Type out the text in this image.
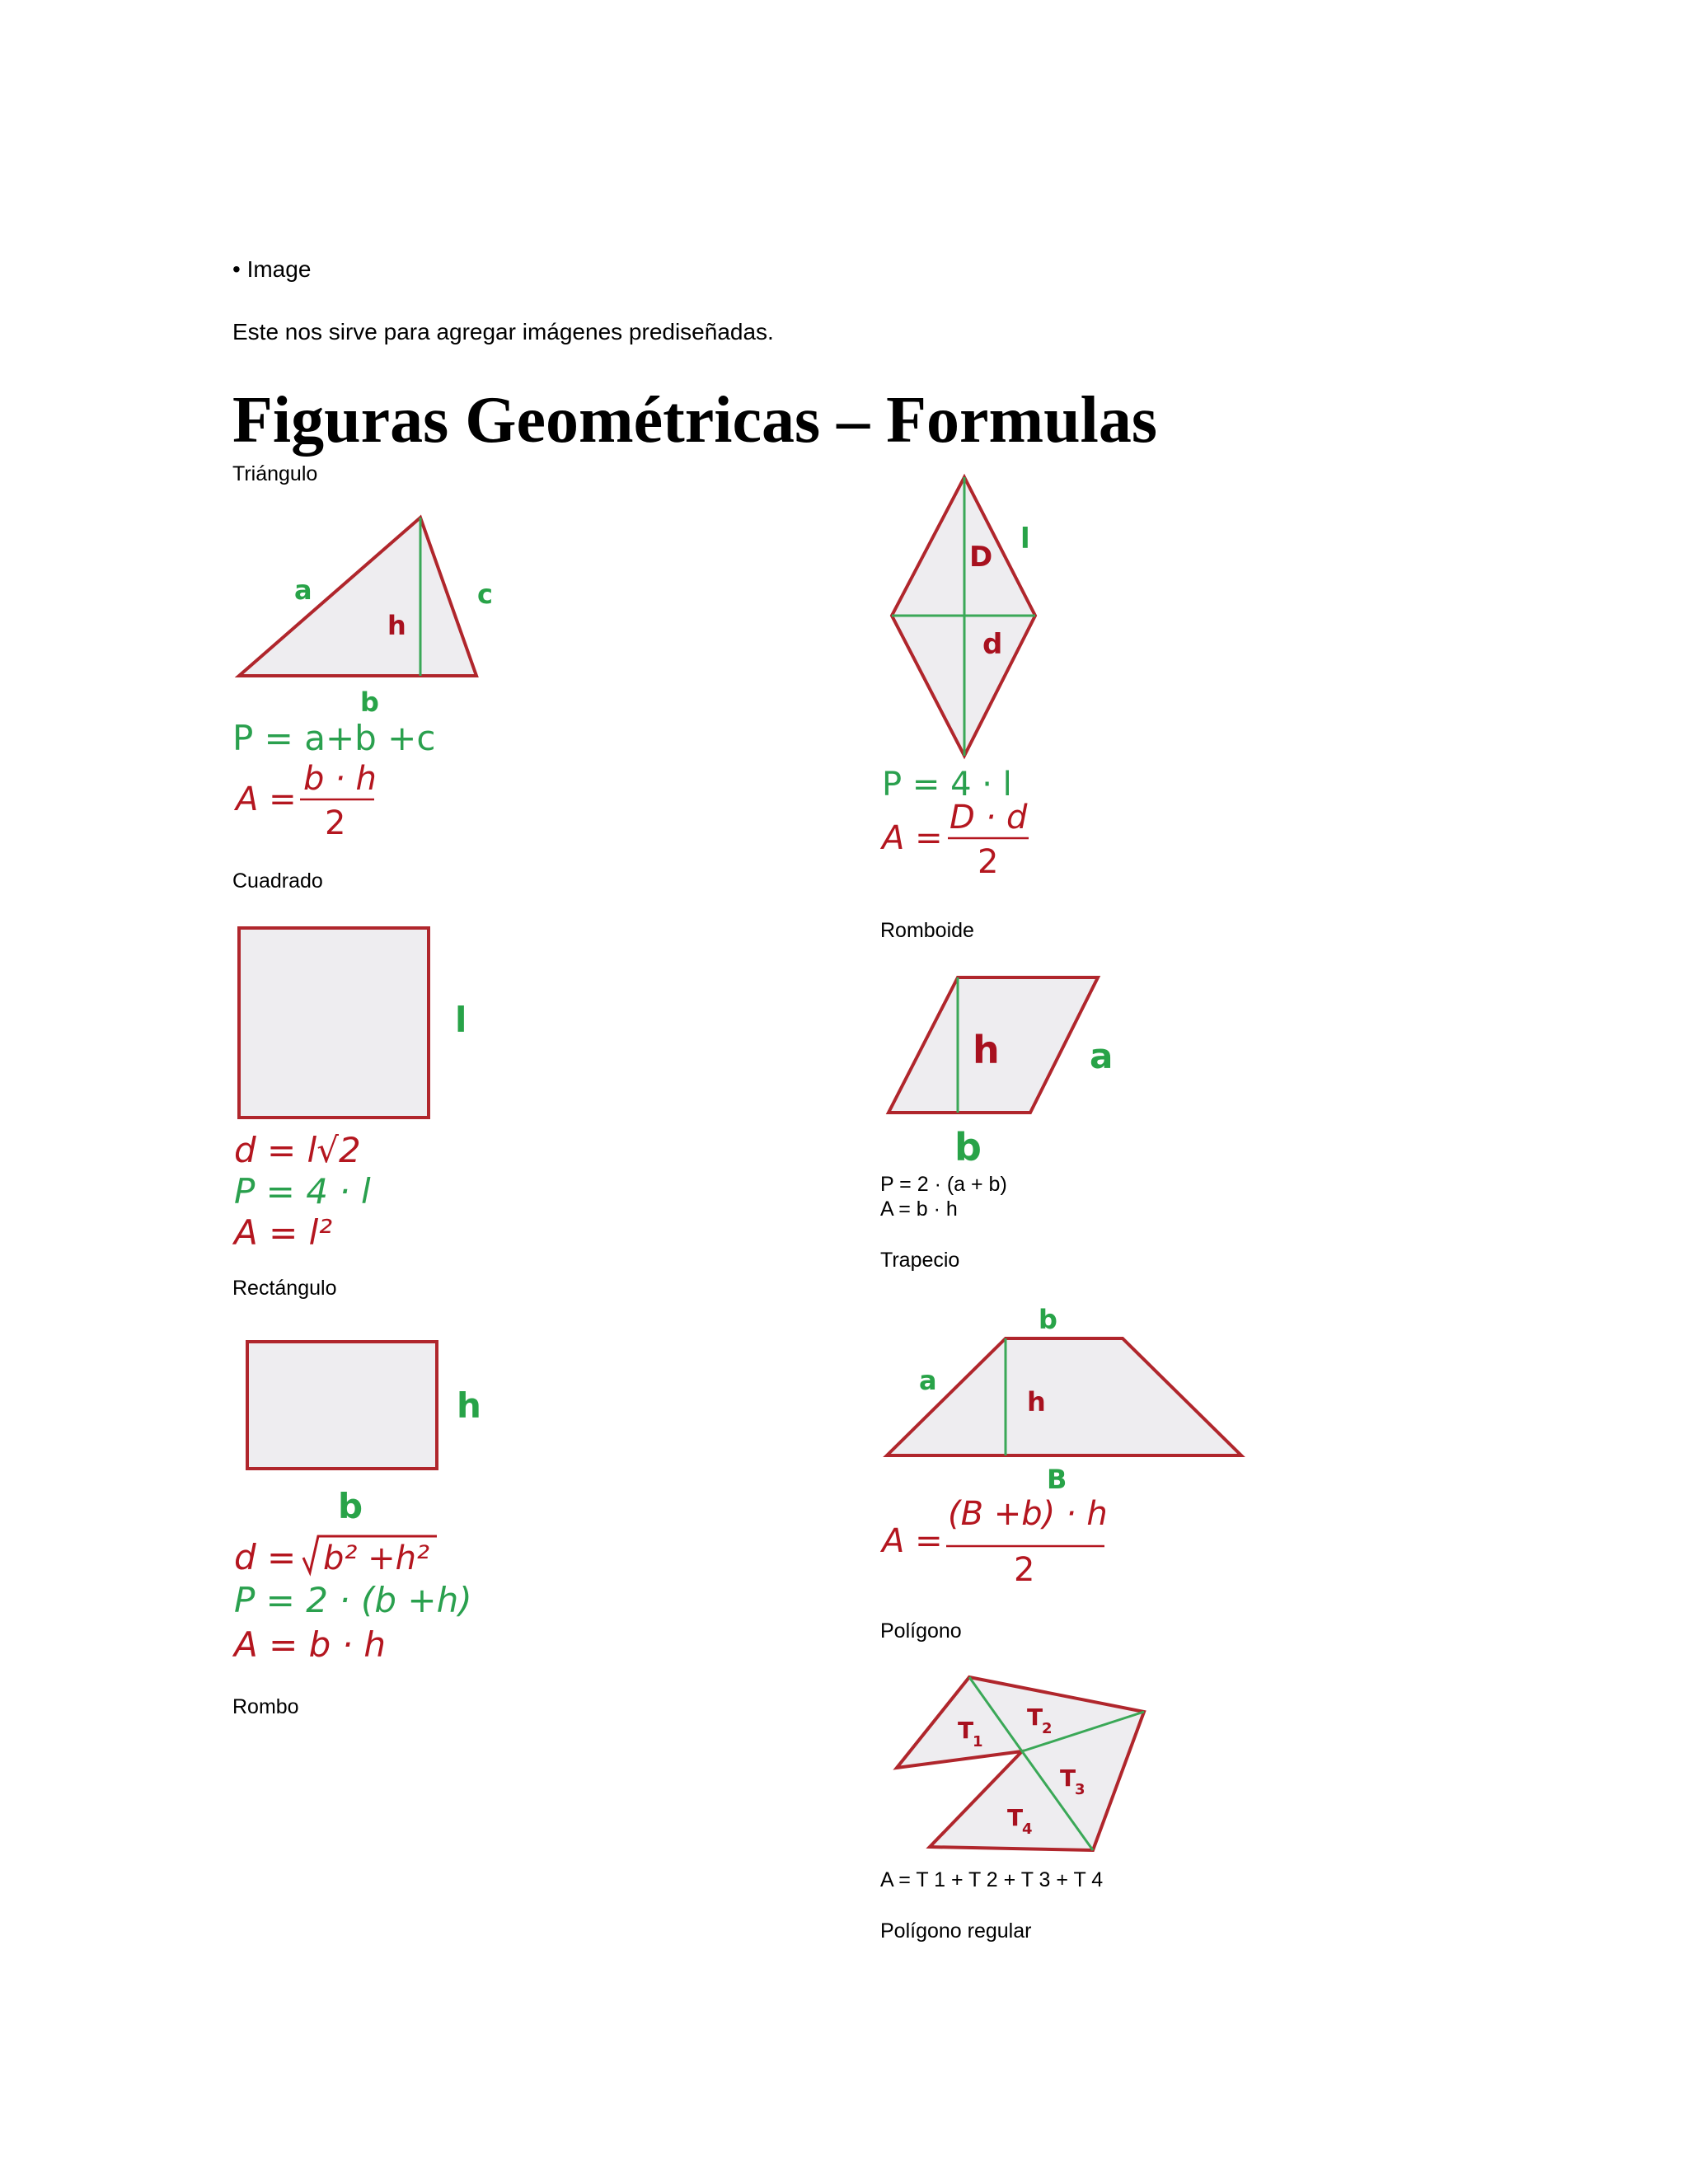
• Image
Este nos sirve para agregar imágenes prediseñadas.
Figuras Geométricas – Formulas
Triángulo
a
h
c
b
P = a+b +c
A =
b · h
2
Cuadrado
l
d = l√2
P = 4 · l
A = l²
Rectángulo
h
b
d = b² +h²
P = 2 · (b +h)
A = b · h
Rombo
D
l
d
P = 4 · l
A =
D · d
2
Romboide
h	a
b
P = 2 · (a + b)
A = b · h
Trapecio
b
a
h
B
A =
(B +b) · h
2
Polígono
T
1
T
2
T
3
T
4
A = T 1 + T 2 + T 3 + T 4
Polígono regular
